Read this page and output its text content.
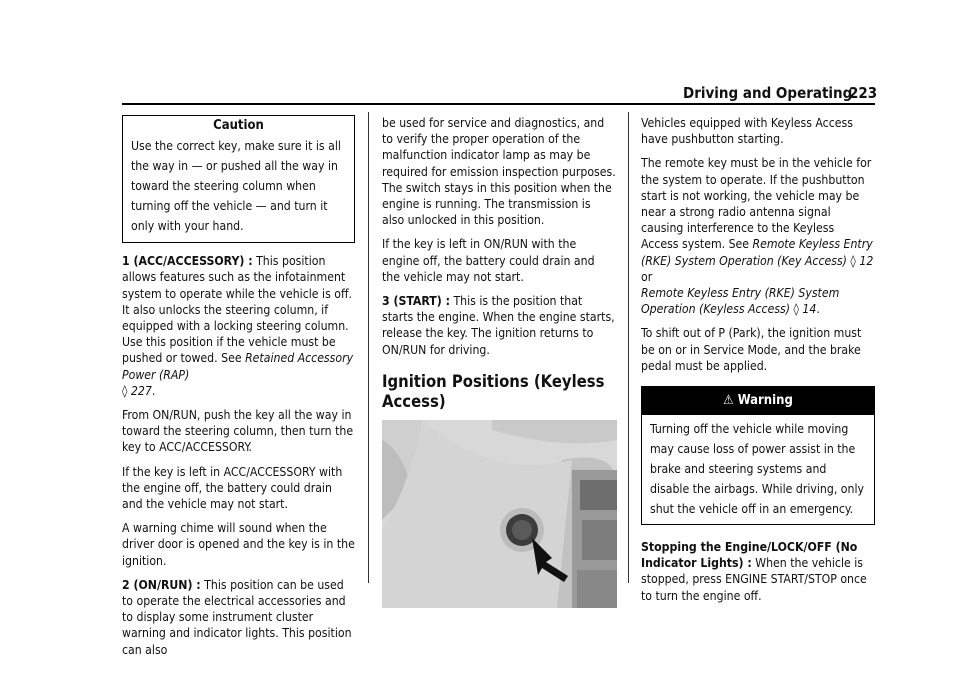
Driving and Operating
223
Caution
Use the correct key, make sure it is all the way in — or pushed all the way in toward the steering column when turning off the vehicle — and turn it only with your hand.

1 (ACC/ACCESSORY) : This position allows features such as the infotainment system to operate while the vehicle is off. It also unlocks the steering column, if equipped with a locking steering column. Use this position if the vehicle must be pushed or towed. See Retained Accessory Power (RAP)
◊ 227.

From ON/RUN, push the key all the way in toward the steering column, then turn the key to ACC/ACCESSORY.

If the key is left in ACC/ACCESSORY with the engine off, the battery could drain and the vehicle may not start.

A warning chime will sound when the driver door is opened and the key is in the ignition.

2 (ON/RUN) : This position can be used to operate the electrical accessories and to display some instrument cluster warning and indicator lights. This position can also

be used for service and diagnostics, and to verify the proper operation of the malfunction indicator lamp as may be required for emission inspection purposes. The switch stays in this position when the engine is running. The transmission is also unlocked in this position.

If the key is left in ON/RUN with the engine off, the battery could drain and the vehicle may not start.

3 (START) : This is the position that starts the engine. When the engine starts, release the key. The ignition returns to ON/RUN for driving.

Ignition Positions (Keyless Access)

Vehicles equipped with Keyless Access have pushbutton starting.

The remote key must be in the vehicle for the system to operate. If the pushbutton start is not working, the vehicle may be near a strong radio antenna signal causing interference to the Keyless Access system. See Remote Keyless Entry (RKE) System Operation (Key Access) ◊ 12 or
Remote Keyless Entry (RKE) System Operation (Keyless Access) ◊ 14.

To shift out of P (Park), the ignition must be on or in Service Mode, and the brake pedal must be applied.

⚠ Warning
Turning off the vehicle while moving may cause loss of power assist in the brake and steering systems and disable the airbags. While driving, only shut the vehicle off in an emergency.

Stopping the Engine/LOCK/OFF (No Indicator Lights) : When the vehicle is stopped, press ENGINE START/STOP once to turn the engine off.
